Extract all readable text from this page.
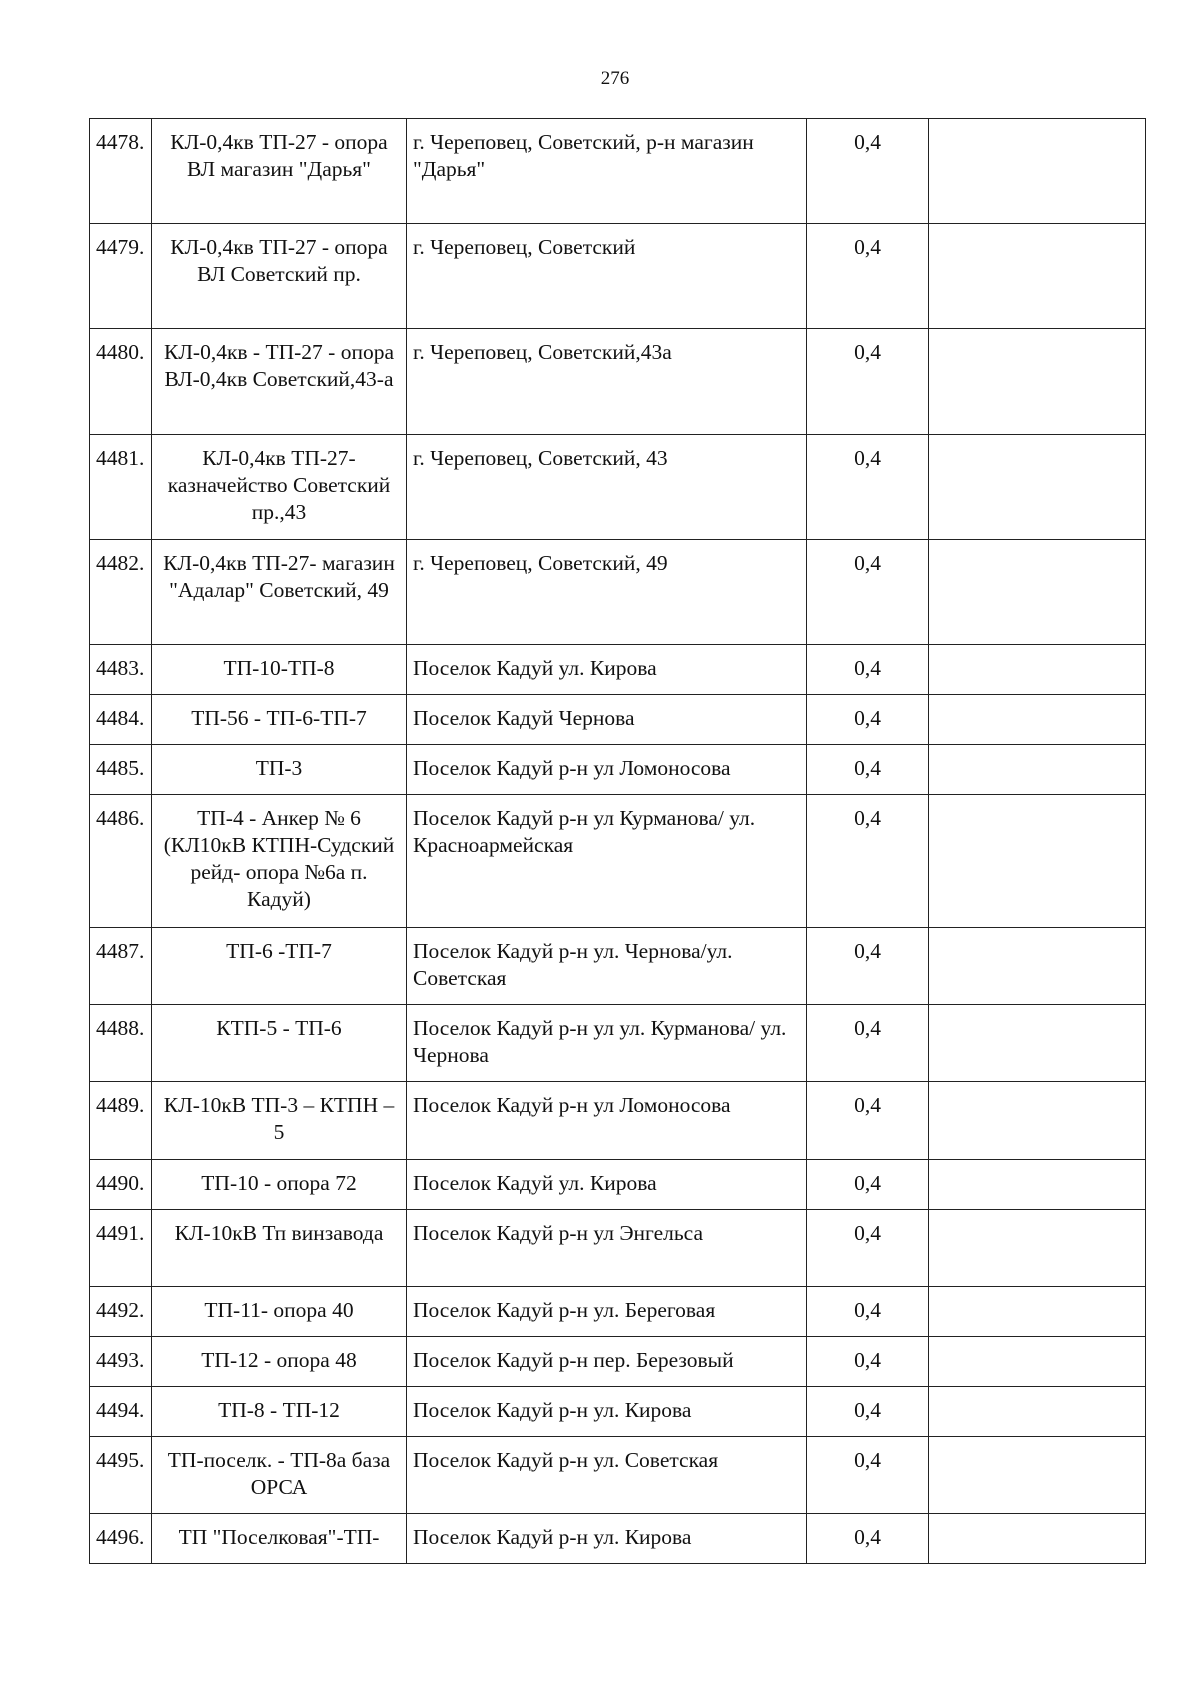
276
4478.	КЛ-0,4кв ТП-27 - опора ВЛ магазин "Дарья"	г. Череповец, Советский, р-н магазин "Дарья"	0,4	
4479.	КЛ-0,4кв ТП-27 - опора ВЛ Советский пр.	г. Череповец, Советский	0,4	
4480.	КЛ-0,4кв - ТП-27 - опора ВЛ-0,4кв Советский,43-а	г. Череповец, Советский,43а	0,4	
4481.	КЛ-0,4кв ТП-27- казначейство Советский пр.,43	г. Череповец, Советский, 43	0,4	
4482.	КЛ-0,4кв ТП-27- магазин "Адалар" Советский, 49	г. Череповец, Советский, 49	0,4	
4483.	ТП-10-ТП-8	Поселок Кадуй ул. Кирова	0,4	
4484.	ТП-56 - ТП-6-ТП-7	Поселок Кадуй Чернова	0,4	
4485.	ТП-3	Поселок Кадуй р-н ул Ломоносова	0,4	
4486.	ТП-4 - Анкер № 6 (КЛ10кВ КТПН-Судский рейд- опора №6а п. Кадуй)	Поселок Кадуй р-н ул Курманова/ ул. Красноармейская	0,4	
4487.	ТП-6 -ТП-7	Поселок Кадуй р-н ул. Чернова/ул. Советская	0,4	
4488.	КТП-5 - ТП-6	Поселок Кадуй р-н ул ул. Курманова/ ул. Чернова	0,4	
4489.	КЛ-10кВ ТП-3 – КТПН – 5	Поселок Кадуй р-н ул Ломоносова	0,4	
4490.	ТП-10 - опора 72	Поселок Кадуй ул. Кирова	0,4	
4491.	КЛ-10кВ Тп винзавода	Поселок Кадуй р-н ул Энгельса	0,4	
4492.	ТП-11- опора 40	Поселок Кадуй р-н ул. Береговая	0,4	
4493.	ТП-12 - опора 48	Поселок Кадуй р-н пер. Березовый	0,4	
4494.	ТП-8 - ТП-12	Поселок Кадуй р-н ул. Кирова	0,4	
4495.	ТП-поселк. - ТП-8а база ОРСА	Поселок Кадуй р-н ул. Советская	0,4	
4496.	ТП "Поселковая"-ТП-	Поселок Кадуй р-н ул. Кирова	0,4	
